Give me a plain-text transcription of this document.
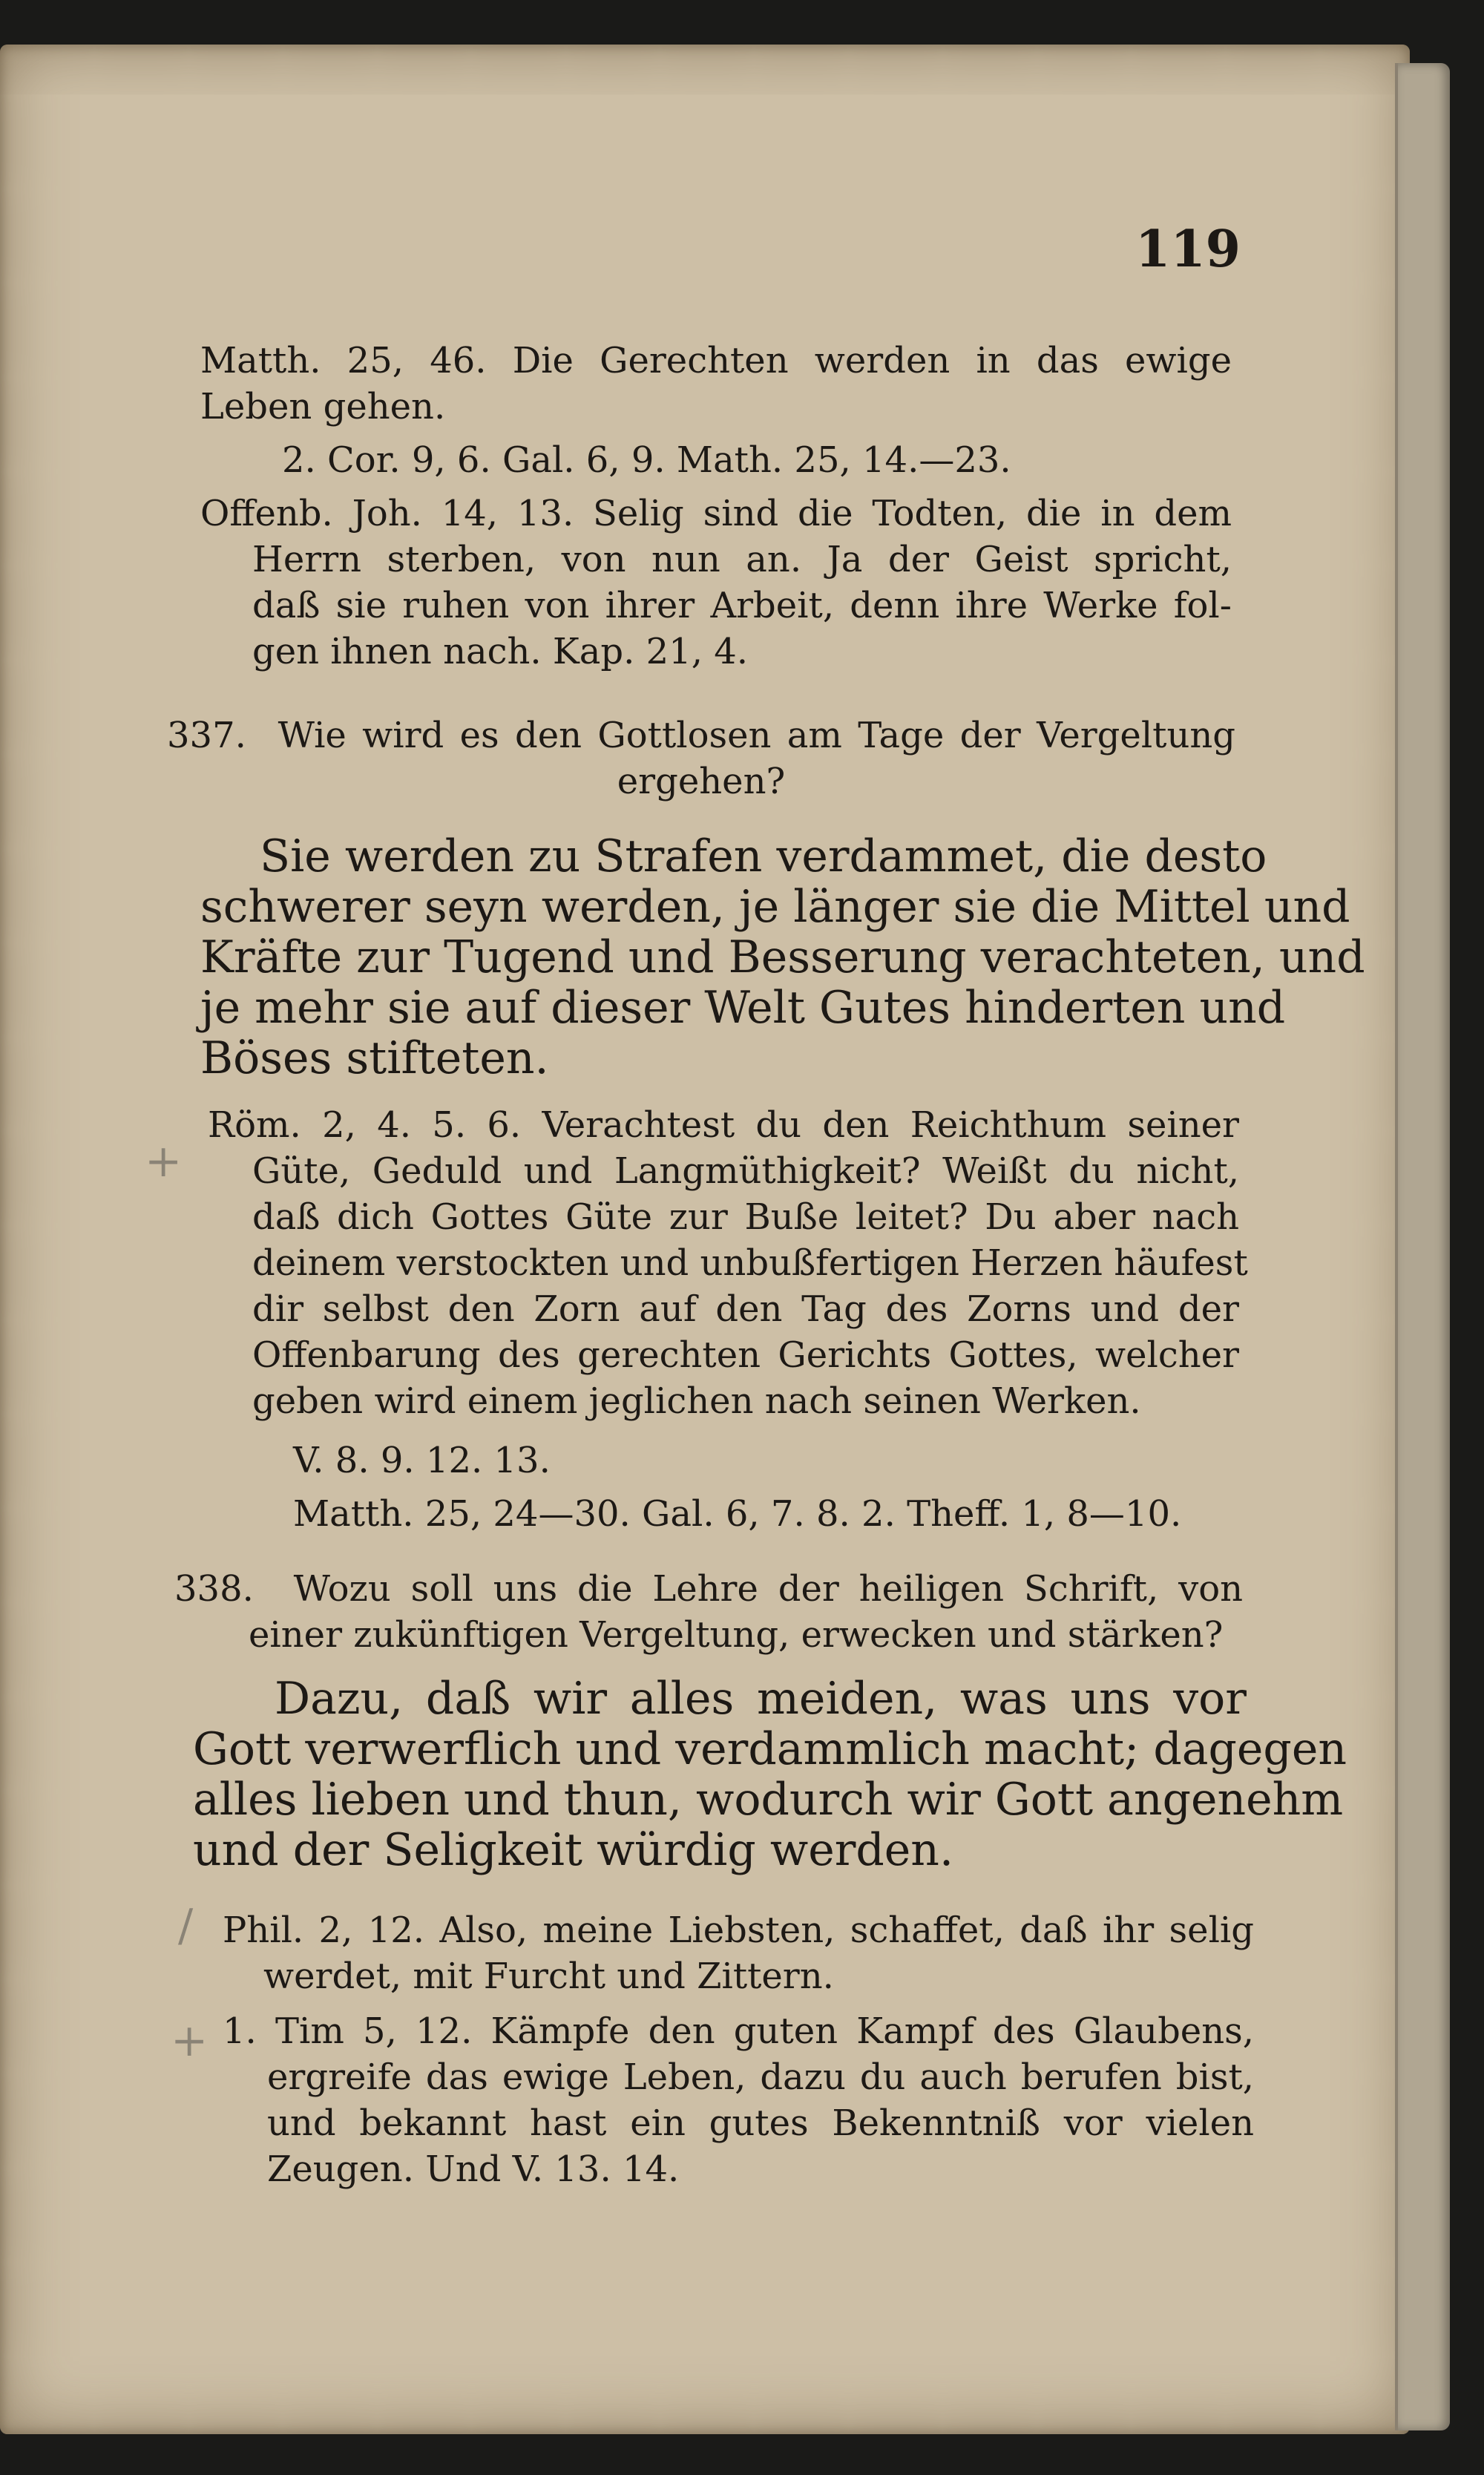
+
/
+
119
Matth. 25, 46. Die Gerechten werden in das ewige
Leben gehen.
2. Cor. 9, 6. Gal. 6, 9. Math. 25, 14.—23.
Offenb. Joh. 14, 13. Selig sind die Todten, die in dem
Herrn sterben, von nun an. Ja der Geist spricht,
daß sie ruhen von ihrer Arbeit, denn ihre Werke fol-
gen ihnen nach. Kap. 21, 4.
337. Wie wird es den Gottlosen am Tage der Vergeltung
ergehen?
Sie werden zu Strafen verdammet, die desto
schwerer seyn werden, je länger sie die Mittel und
Kräfte zur Tugend und Besserung verachteten, und
je mehr sie auf dieser Welt Gutes hinderten und
Böses stifteten.
Röm. 2, 4. 5. 6. Verachtest du den Reichthum seiner
Güte, Geduld und Langmüthigkeit? Weißt du nicht,
daß dich Gottes Güte zur Buße leitet? Du aber nach
deinem verstockten und unbußfertigen Herzen häufest
dir selbst den Zorn auf den Tag des Zorns und der
Offenbarung des gerechten Gerichts Gottes, welcher
geben wird einem jeglichen nach seinen Werken.
V. 8. 9. 12. 13.
Matth. 25, 24—30. Gal. 6, 7. 8. 2. Theff. 1, 8—10.
338. Wozu soll uns die Lehre der heiligen Schrift, von
einer zukünftigen Vergeltung, erwecken und stärken?
Dazu, daß wir alles meiden, was uns vor
Gott verwerflich und verdammlich macht; dagegen
alles lieben und thun, wodurch wir Gott angenehm
und der Seligkeit würdig werden.
Phil. 2, 12. Also, meine Liebsten, schaffet, daß ihr selig
werdet, mit Furcht und Zittern.
1. Tim 5, 12. Kämpfe den guten Kampf des Glaubens,
ergreife das ewige Leben, dazu du auch berufen bist,
und bekannt hast ein gutes Bekenntniß vor vielen
Zeugen. Und V. 13. 14.
